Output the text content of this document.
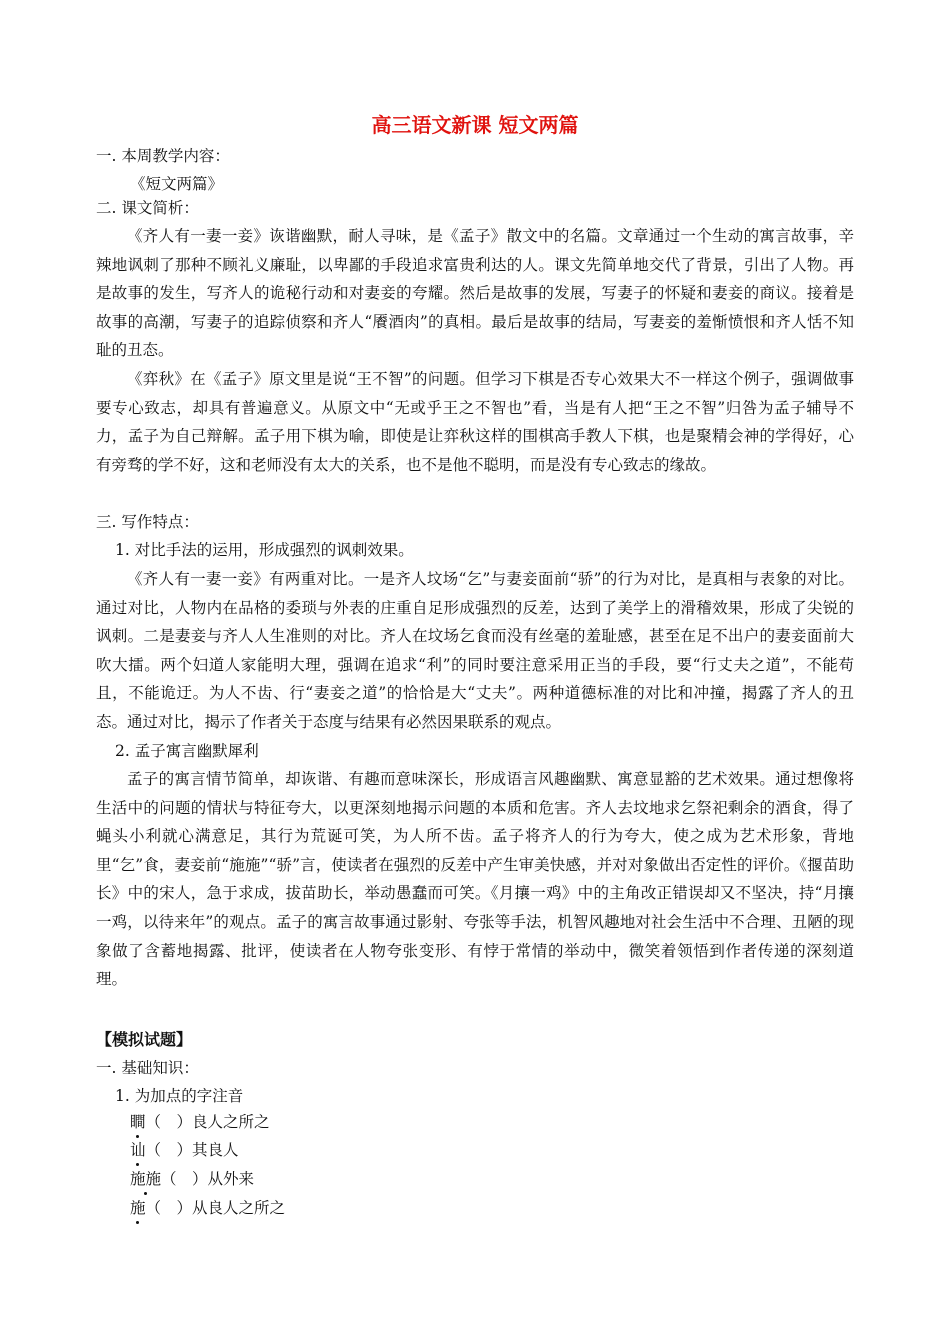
高三语文新课 短文两篇
一. 本周教学内容：
《短文两篇》
二. 课文简析：
《齐人有一妻一妾》诙谐幽默，耐人寻味，是《孟子》散文中的名篇。文章通过一个生动的寓言故事，辛辣地讽刺了那种不顾礼义廉耻，以卑鄙的手段追求富贵利达的人。课文先简单地交代了背景，引出了人物。再是故事的发生，写齐人的诡秘行动和对妻妾的夸耀。然后是故事的发展，写妻子的怀疑和妻妾的商议。接着是故事的高潮，写妻子的追踪侦察和齐人“餍酒肉”的真相。最后是故事的结局，写妻妾的羞惭愤恨和齐人恬不知耻的丑态。
《弈秋》在《孟子》原文里是说“王不智”的问题。但学习下棋是否专心效果大不一样这个例子，强调做事要专心致志，却具有普遍意义。从原文中“无或乎王之不智也”看，当是有人把“王之不智”归咎为孟子辅导不力，孟子为自己辩解。孟子用下棋为喻，即使是让弈秋这样的围棋高手教人下棋，也是聚精会神的学得好，心有旁骛的学不好，这和老师没有太大的关系，也不是他不聪明，而是没有专心致志的缘故。
三. 写作特点：
1. 对比手法的运用，形成强烈的讽刺效果。
《齐人有一妻一妾》有两重对比。一是齐人坟场“乞”与妻妾面前“骄”的行为对比，是真相与表象的对比。通过对比，人物内在品格的委琐与外表的庄重自足形成强烈的反差，达到了美学上的滑稽效果，形成了尖锐的讽刺。二是妻妾与齐人人生准则的对比。齐人在坟场乞食而没有丝毫的羞耻感，甚至在足不出户的妻妾面前大吹大擂。两个妇道人家能明大理，强调在追求“利”的同时要注意采用正当的手段，要“行丈夫之道”，不能苟且，不能诡迂。为人不齿、行“妻妾之道”的恰恰是大“丈夫”。两种道德标准的对比和冲撞，揭露了齐人的丑态。通过对比，揭示了作者关于态度与结果有必然因果联系的观点。
2. 孟子寓言幽默犀利
孟子的寓言情节简单，却诙谐、有趣而意味深长，形成语言风趣幽默、寓意显豁的艺术效果。通过想像将生活中的问题的情状与特征夸大，以更深刻地揭示问题的本质和危害。齐人去坟地求乞祭祀剩余的酒食，得了蝇头小利就心满意足，其行为荒诞可笑，为人所不齿。孟子将齐人的行为夸大，使之成为艺术形象，背地里“乞”食，妻妾前“施施”“骄”言，使读者在强烈的反差中产生审美快感，并对对象做出否定性的评价。《揠苗助长》中的宋人，急于求成，拔苗助长，举动愚蠢而可笑。《月攘一鸡》中的主角改正错误却又不坚决，持“月攘一鸡，以待来年”的观点。孟子的寓言故事通过影射、夸张等手法，机智风趣地对社会生活中不合理、丑陋的现象做了含蓄地揭露、批评，使读者在人物夸张变形、有悖于常情的举动中，微笑着领悟到作者传递的深刻道理。
【模拟试题】
一. 基础知识：
1. 为加点的字注音
瞷（　）良人之所之
讪（　）其良人
施施（　）从外来
施（　）从良人之所之
